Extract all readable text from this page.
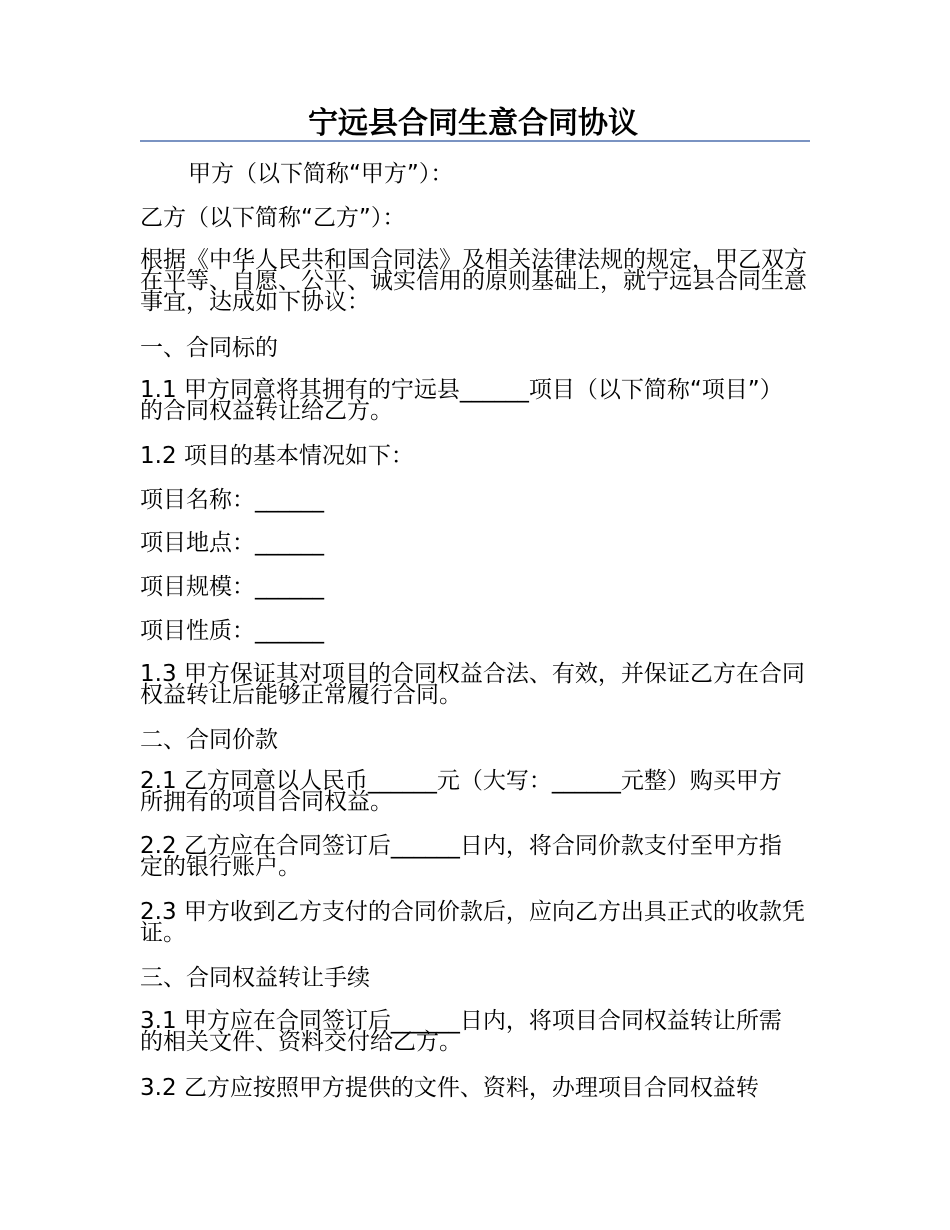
宁远县合同生意合同协议

甲方（以下简称“甲方”）：

乙方（以下简称“乙方”）：

根据《中华人民共和国合同法》及相关法律法规的规定，甲乙双方在平等、自愿、公平、诚实信用的原则基础上，就宁远县合同生意事宜，达成如下协议：

一、合同标的

1.1 甲方同意将其拥有的宁远县______项目（以下简称“项目”）的合同权益转让给乙方。

1.2 项目的基本情况如下：

项目名称：______

项目地点：______

项目规模：______

项目性质：______

1.3 甲方保证其对项目的合同权益合法、有效，并保证乙方在合同权益转让后能够正常履行合同。

二、合同价款

2.1 乙方同意以人民币______元（大写：______元整）购买甲方所拥有的项目合同权益。

2.2 乙方应在合同签订后______日内，将合同价款支付至甲方指定的银行账户。

2.3 甲方收到乙方支付的合同价款后，应向乙方出具正式的收款凭证。

三、合同权益转让手续

3.1 甲方应在合同签订后______日内，将项目合同权益转让所需的相关文件、资料交付给乙方。

3.2 乙方应按照甲方提供的文件、资料，办理项目合同权益转
